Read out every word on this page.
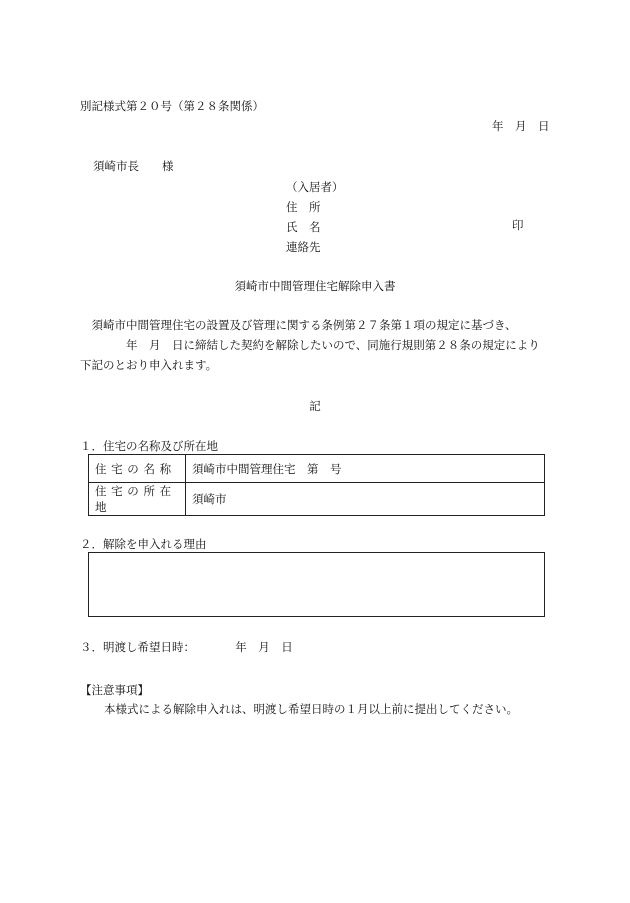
別記様式第２０号（第２８条関係）
年　月　日
須崎市長　　様
（入居者）
住　所
氏　名
連絡先
印
須崎市中間管理住宅解除申入書

　須崎市中間管理住宅の設置及び管理に関する条例第２７条第１項の規定に基づき、

　　　　年　月　日に締結した契約を解除したいので、同施行規則第２８条の規定により

下記のとおり申入れます。

記
１．住宅の名称及び所在地
住 宅 の 名 称	須崎市中間管理住宅　第　号
住 宅 の 所 在 地	須崎市
２．解除を申入れる理由
３．明渡し希望日時：　　　　年　月　日
【注意事項】
本様式による解除申入れは、明渡し希望日時の１月以上前に提出してください。
